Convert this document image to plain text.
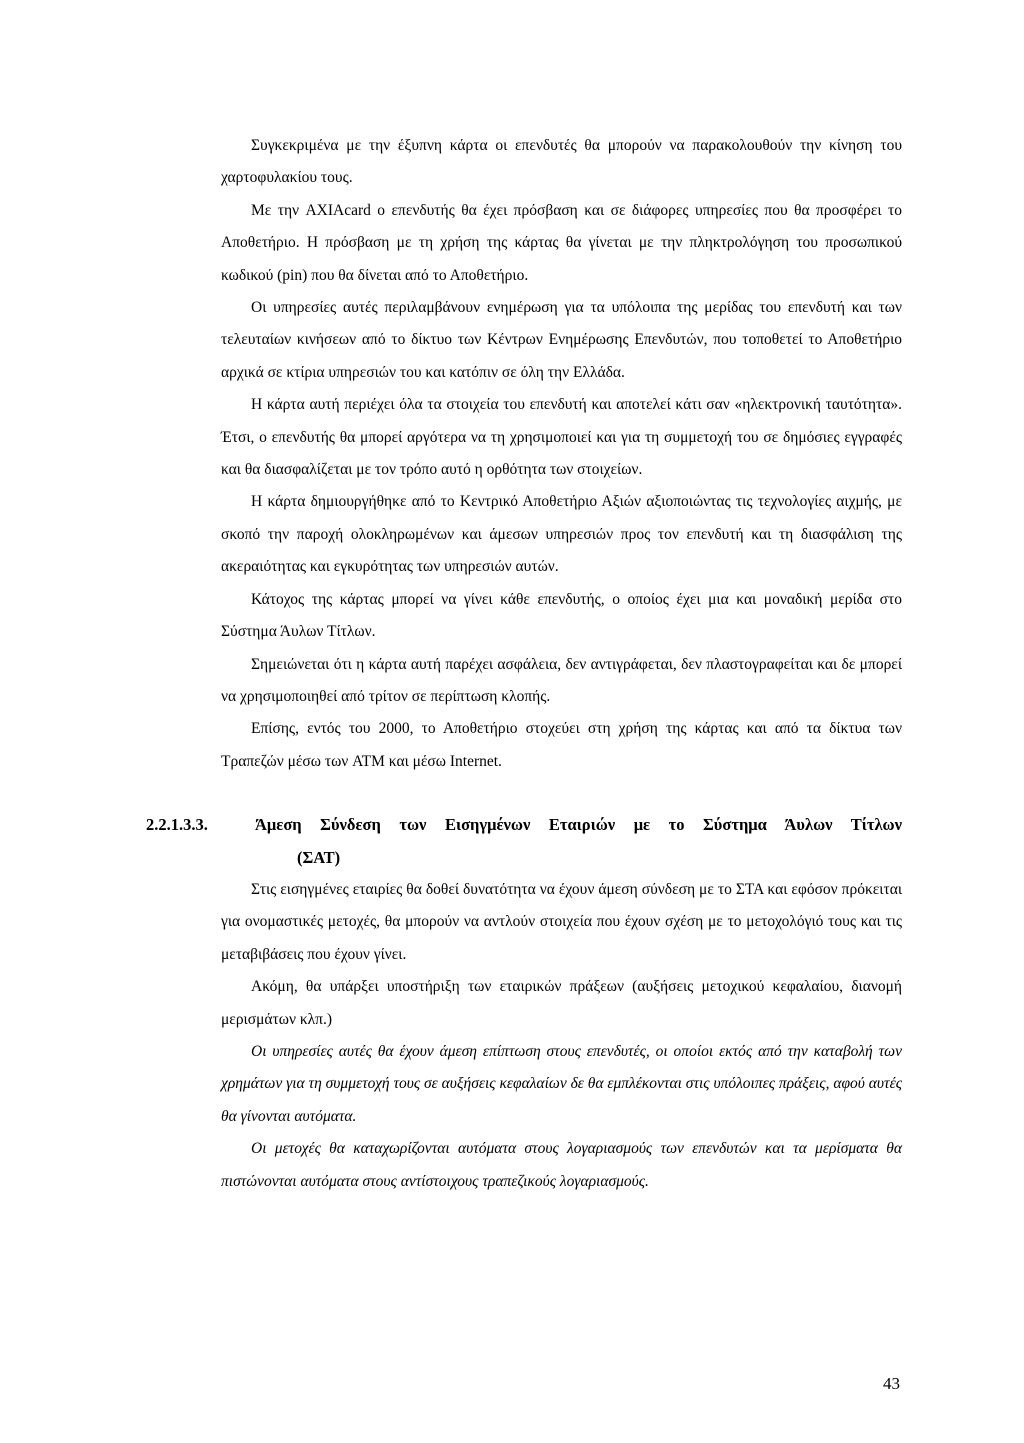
Συγκεκριμένα με την έξυπνη κάρτα οι επενδυτές θα μπορούν να παρακολουθούν την κίνηση του χαρτοφυλακίου τους.

Με την AXIAcard ο επενδυτής θα έχει πρόσβαση και σε διάφορες υπηρεσίες που θα προσφέρει το Αποθετήριο. Η πρόσβαση με τη χρήση της κάρτας θα γίνεται με την πληκτρολόγηση του προσωπικού κωδικού (pin) που θα δίνεται από το Αποθετήριο.

Οι υπηρεσίες αυτές περιλαμβάνουν ενημέρωση για τα υπόλοιπα της μερίδας του επενδυτή και των τελευταίων κινήσεων από το δίκτυο των Κέντρων Ενημέρωσης Επενδυτών, που τοποθετεί το Αποθετήριο αρχικά σε κτίρια υπηρεσιών του και κατόπιν σε όλη την Ελλάδα.

Η κάρτα αυτή περιέχει όλα τα στοιχεία του επενδυτή και αποτελεί κάτι σαν «ηλεκτρονική ταυτότητα». Έτσι, ο επενδυτής θα μπορεί αργότερα να τη χρησιμοποιεί και για τη συμμετοχή του σε δημόσιες εγγραφές και θα διασφαλίζεται με τον τρόπο αυτό η ορθότητα των στοιχείων.

Η κάρτα δημιουργήθηκε από το Κεντρικό Αποθετήριο Αξιών αξιοποιώντας τις τεχνολογίες αιχμής, με σκοπό την παροχή ολοκληρωμένων και άμεσων υπηρεσιών προς τον επενδυτή και τη διασφάλιση της ακεραιότητας και εγκυρότητας των υπηρεσιών αυτών.

Κάτοχος της κάρτας μπορεί να γίνει κάθε επενδυτής, ο οποίος έχει μια και μοναδική μερίδα στο Σύστημα Άυλων Τίτλων.

Σημειώνεται ότι η κάρτα αυτή παρέχει ασφάλεια, δεν αντιγράφεται, δεν πλαστογραφείται και δε μπορεί να χρησιμοποιηθεί από τρίτον σε περίπτωση κλοπής.

Επίσης, εντός του 2000, το Αποθετήριο στοχεύει στη χρήση της κάρτας και από τα δίκτυα των Τραπεζών μέσω των ATM και μέσω Internet.

2.2.1.3.3.	Άμεση Σύνδεση των Εισηγμένων Εταιριών με το Σύστημα Άυλων Τίτλων
(ΣΑΤ)

Στις εισηγμένες εταιρίες θα δοθεί δυνατότητα να έχουν άμεση σύνδεση με το ΣΤΑ και εφόσον πρόκειται για ονομαστικές μετοχές, θα μπορούν να αντλούν στοιχεία που έχουν σχέση με το μετοχολόγιό τους και τις μεταβιβάσεις που έχουν γίνει.

Ακόμη, θα υπάρξει υποστήριξη των εταιρικών πράξεων (αυξήσεις μετοχικού κεφαλαίου, διανομή μερισμάτων κλπ.)

Οι υπηρεσίες αυτές θα έχουν άμεση επίπτωση στους επενδυτές, οι οποίοι εκτός από την καταβολή των χρημάτων για τη συμμετοχή τους σε αυξήσεις κεφαλαίων δε θα εμπλέκονται στις υπόλοιπες πράξεις, αφού αυτές θα γίνονται αυτόματα.

Οι μετοχές θα καταχωρίζονται αυτόματα στους λογαριασμούς των επενδυτών και τα μερίσματα θα πιστώνονται αυτόματα στους αντίστοιχους τραπεζικούς λογαριασμούς.

43
